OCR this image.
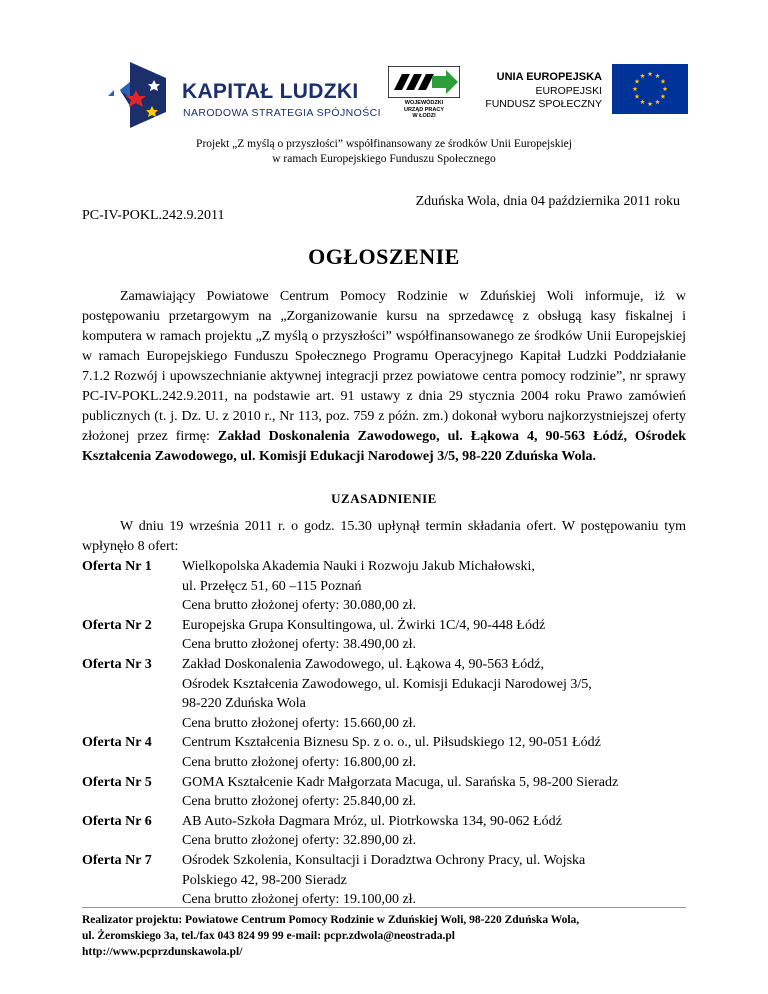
KAPITAŁ LUDZKI
NARODOWA STRATEGIA SPÓJNOŚCI
WOJEWÓDZKI
URZĄD PRACY
W ŁODZI
UNIA EUROPEJSKA
EUROPEJSKI
FUNDUSZ SPOŁECZNY
Projekt „Z myślą o przyszłości” współfinansowany ze środków Unii Europejskiej
w ramach Europejskiego Funduszu Społecznego
Zduńska Wola, dnia 04 października 2011 roku
PC-IV-POKL.242.9.2011
OGŁOSZENIE
Zamawiający Powiatowe Centrum Pomocy Rodzinie w Zduńskiej Woli informuje, iż w postępowaniu przetargowym na „Zorganizowanie kursu na sprzedawcę z obsługą kasy fiskalnej i komputera w ramach projektu „Z myślą o przyszłości” współfinansowanego ze środków Unii Europejskiej w ramach Europejskiego Funduszu Społecznego Programu Operacyjnego Kapitał Ludzki Poddziałanie 7.1.2 Rozwój i upowszechnianie aktywnej integracji przez powiatowe centra pomocy rodzinie”, nr sprawy PC-IV-POKL.242.9.2011, na podstawie art. 91 ustawy z dnia 29 stycznia 2004 roku Prawo zamówień publicznych (t. j. Dz. U. z 2010 r., Nr 113, poz. 759 z późn. zm.) dokonał wyboru najkorzystniejszej oferty złożonej przez firmę: Zakład Doskonalenia Zawodowego, ul. Łąkowa 4, 90-563 Łódź, Ośrodek Kształcenia Zawodowego, ul. Komisji Edukacji Narodowej 3/5, 98-220 Zduńska Wola.
UZASADNIENIE
W dniu 19 września 2011 r. o godz. 15.30 upłynął termin składania ofert. W postępowaniu tym wpłynęło 8 ofert:
Oferta Nr 1	Wielkopolska Akademia Nauki i Rozwoju Jakub Michałowski,
ul. Przełęcz 51, 60 –115 Poznań
Cena brutto złożonej oferty: 30.080,00 zł.
Oferta Nr 2	Europejska Grupa Konsultingowa, ul. Żwirki 1C/4, 90-448 Łódź
Cena brutto złożonej oferty: 38.490,00 zł.
Oferta Nr 3	Zakład Doskonalenia Zawodowego, ul. Łąkowa 4, 90-563 Łódź,
Ośrodek Kształcenia Zawodowego, ul. Komisji Edukacji Narodowej 3/5,
98-220 Zduńska Wola
Cena brutto złożonej oferty: 15.660,00 zł.
Oferta Nr 4	Centrum Kształcenia Biznesu Sp. z o. o., ul. Piłsudskiego 12, 90-051 Łódź
Cena brutto złożonej oferty: 16.800,00 zł.
Oferta Nr 5	GOMA Kształcenie Kadr Małgorzata Macuga, ul. Sarańska 5, 98-200 Sieradz
Cena brutto złożonej oferty: 25.840,00 zł.
Oferta Nr 6	AB Auto-Szkoła Dagmara Mróz, ul. Piotrkowska 134, 90-062 Łódź
Cena brutto złożonej oferty: 32.890,00 zł.
Oferta Nr 7	Ośrodek Szkolenia, Konsultacji i Doradztwa Ochrony Pracy, ul. Wojska
Polskiego 42, 98-200 Sieradz
Cena brutto złożonej oferty: 19.100,00 zł.
Realizator projektu: Powiatowe Centrum Pomocy Rodzinie w Zduńskiej Woli, 98-220 Zduńska Wola,
ul. Żeromskiego 3a, tel./fax 043 824 99 99 e-mail: pcpr.zdwola@neostrada.pl
http://www.pcprzdunskawola.pl/
